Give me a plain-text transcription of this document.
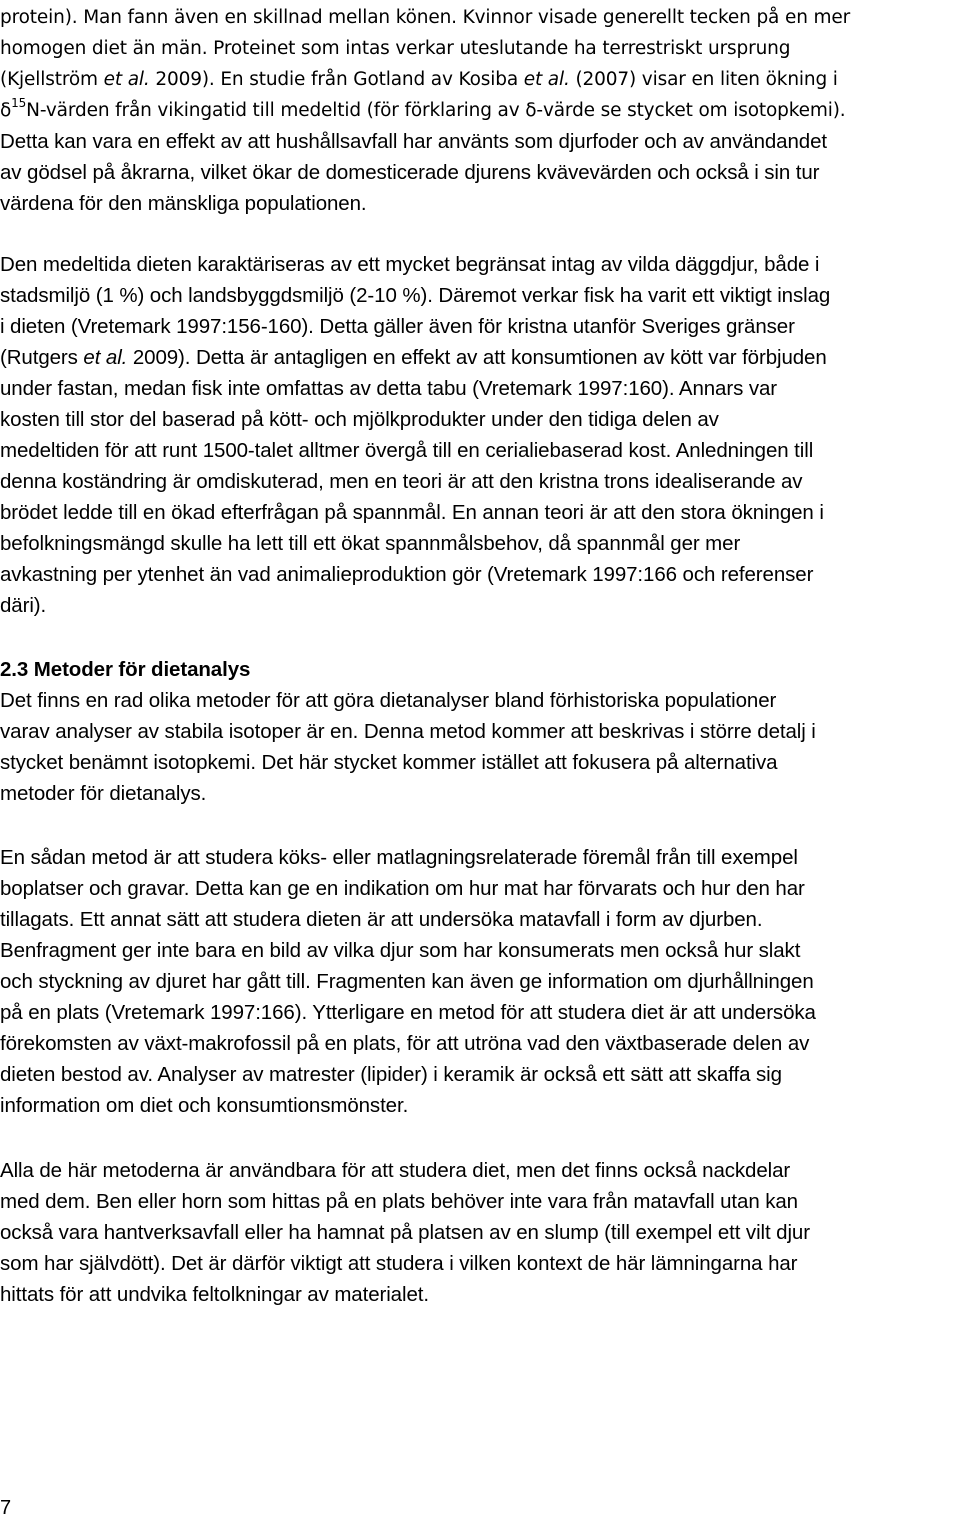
protein). Man fann även en skillnad mellan könen. Kvinnor visade generellt tecken på en mer
homogen diet än män. Proteinet som intas verkar uteslutande ha terrestriskt ursprung
(Kjellström et al. 2009). En studie från Gotland av Kosiba et al. (2007) visar en liten ökning i
$\delta^{15}N$-värden från vikingatid till medeltid (för förklaring av δ-värde se stycket om isotopkemi).
Detta kan vara en effekt av att hushållsavfall har använts som djurfoder och av användandet
av gödsel på åkrarna, vilket ökar de domesticerade djurens kvävevärden och också i sin tur
värdena för den mänskliga populationen.
Den medeltida dieten karaktäriseras av ett mycket begränsat intag av vilda däggdjur, både i
stadsmiljö (1 %) och landsbyggdsmiljö (2-10 %). Däremot verkar fisk ha varit ett viktigt inslag
i dieten (Vretemark 1997:156-160). Detta gäller även för kristna utanför Sveriges gränser
(Rutgers et al. 2009). Detta är antagligen en effekt av att konsumtionen av kött var förbjuden
under fastan, medan fisk inte omfattas av detta tabu (Vretemark 1997:160). Annars var
kosten till stor del baserad på kött- och mjölkprodukter under den tidiga delen av
medeltiden för att runt 1500-talet alltmer övergå till en cerialiebaserad kost. Anledningen till
denna koständring är omdiskuterad, men en teori är att den kristna trons idealiserande av
brödet ledde till en ökad efterfrågan på spannmål. En annan teori är att den stora ökningen i
befolkningsmängd skulle ha lett till ett ökat spannmålsbehov, då spannmål ger mer
avkastning per ytenhet än vad animalieproduktion gör (Vretemark 1997:166 och referenser
däri).
2.3 Metoder för dietanalys
Det finns en rad olika metoder för att göra dietanalyser bland förhistoriska populationer
varav analyser av stabila isotoper är en. Denna metod kommer att beskrivas i större detalj i
stycket benämnt isotopkemi. Det här stycket kommer istället att fokusera på alternativa
metoder för dietanalys.
En sådan metod är att studera köks- eller matlagningsrelaterade föremål från till exempel
boplatser och gravar. Detta kan ge en indikation om hur mat har förvarats och hur den har
tillagats. Ett annat sätt att studera dieten är att undersöka matavfall i form av djurben.
Benfragment ger inte bara en bild av vilka djur som har konsumerats men också hur slakt
och styckning av djuret har gått till. Fragmenten kan även ge information om djurhållningen
på en plats (Vretemark 1997:166). Ytterligare en metod för att studera diet är att undersöka
förekomsten av växt-makrofossil på en plats, för att utröna vad den växtbaserade delen av
dieten bestod av. Analyser av matrester (lipider) i keramik är också ett sätt att skaffa sig
information om diet och konsumtionsmönster.
Alla de här metoderna är användbara för att studera diet, men det finns också nackdelar
med dem. Ben eller horn som hittas på en plats behöver inte vara från matavfall utan kan
också vara hantverksavfall eller ha hamnat på platsen av en slump (till exempel ett vilt djur
som har självdött). Det är därför viktigt att studera i vilken kontext de här lämningarna har
hittats för att undvika feltolkningar av materialet.
7
